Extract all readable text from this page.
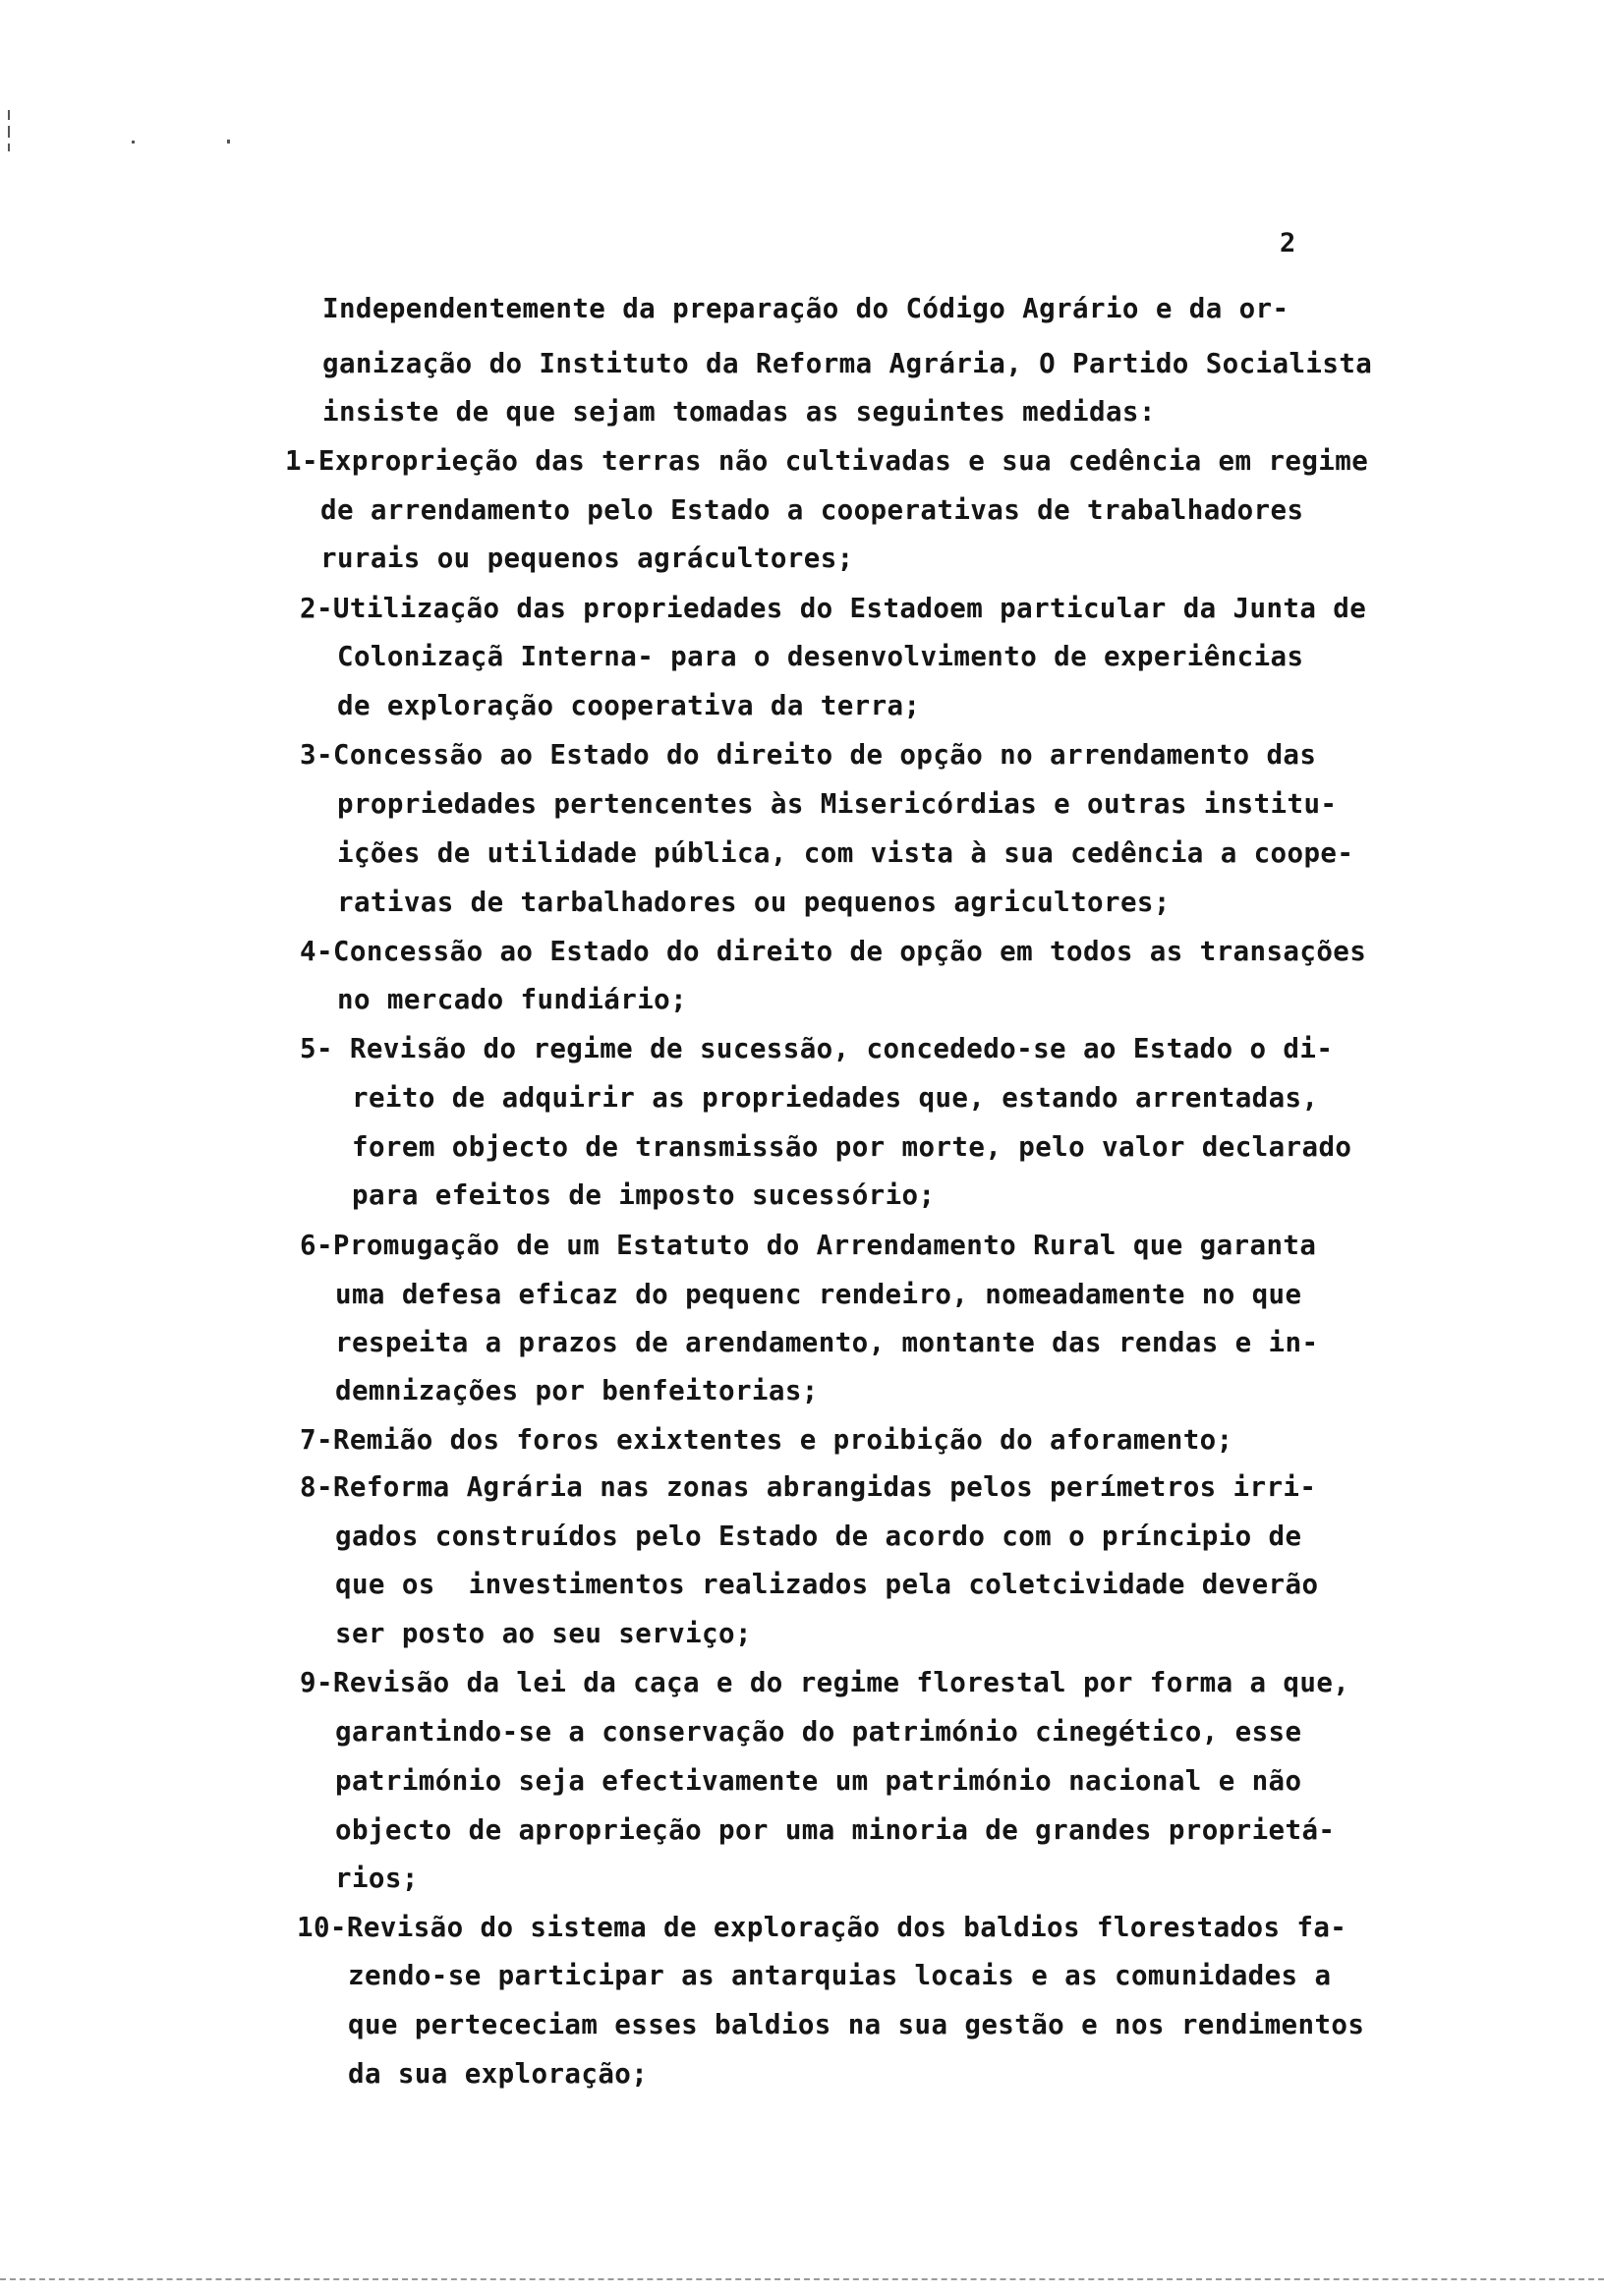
2
Independentemente da preparação do Código Agrário e da or-
ganização do Instituto da Reforma Agrária, O Partido Socialista
insiste de que sejam tomadas as seguintes medidas:
1-Exproprieção das terras não cultivadas e sua cedência em regime
de arrendamento pelo Estado a cooperativas de trabalhadores
rurais ou pequenos agrácultores;
2-Utilização das propriedades do Estadoem particular da Junta de
Colonizaçã Interna- para o desenvolvimento de experiências
de exploração cooperativa da terra;
3-Concessão ao Estado do direito de opção no arrendamento das
propriedades pertencentes às Misericórdias e outras institu-
ições de utilidade pública, com vista à sua cedência a coope-
rativas de tarbalhadores ou pequenos agricultores;
4-Concessão ao Estado do direito de opção em todos as transações
no mercado fundiário;
5- Revisão do regime de sucessão, concededo-se ao Estado o di-
reito de adquirir as propriedades que, estando arrentadas,
forem objecto de transmissão por morte, pelo valor declarado
para efeitos de imposto sucessório;
6-Promugação de um Estatuto do Arrendamento Rural que garanta
uma defesa eficaz do pequenc rendeiro, nomeadamente no que
respeita a prazos de arendamento, montante das rendas e in-
demnizações por benfeitorias;
7-Remião dos foros exixtentes e proibição do aforamento;
8-Reforma Agrária nas zonas abrangidas pelos perímetros irri-
gados construídos pelo Estado de acordo com o príncipio de
que os  investimentos realizados pela coletcividade deverão
ser posto ao seu serviço;
9-Revisão da lei da caça e do regime florestal por forma a que,
garantindo-se a conservação do património cinegético, esse
património seja efectivamente um património nacional e não
objecto de aproprieção por uma minoria de grandes proprietá-
rios;
10-Revisão do sistema de exploração dos baldios florestados fa-
zendo-se participar as antarquias locais e as comunidades a
que pertececiam esses baldios na sua gestão e nos rendimentos
da sua exploração;
